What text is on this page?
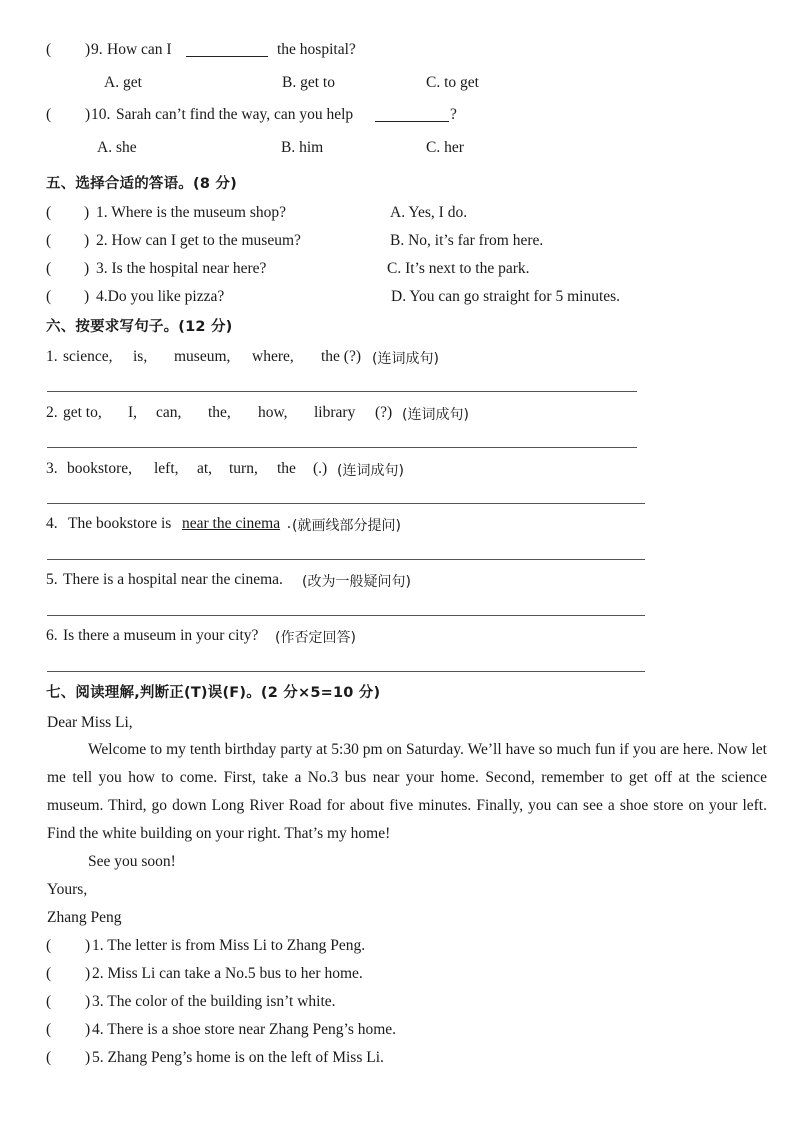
( ) 9. How can I	the hospital?
A. get	B. get to	C. to get
( ) 10. Sarah can’t find the way, can you help	?
A. she	B. him	C. her
五、选择合适的答语。(8 分)
( ) 1. Where is the museum shop?
( ) 2. How can I get to the museum?
( ) 3. Is the hospital near here?
( ) 4.Do you like pizza?
A. Yes, I do.
B. No, it’s far from here.
C. It’s next to the park.
D. You can go straight for 5 minutes.
六、按要求写句子。(12 分)
1. science, is, museum, where, the (?) (连词成句)
2. get to, I, can, the, how, library (?) (连词成句)
3. bookstore, left, at, turn, the (.) (连词成句)
4. The bookstore is near the cinema . (就画线部分提问)
5. There is a hospital near the cinema. (改为一般疑问句)
6. Is there a museum in your city? (作否定回答)
七、阅读理解,判断正(T)误(F)。(2 分×5=10 分)
Dear Miss Li,
Welcome to my tenth birthday party at 5:30 pm on Saturday. We’ll have so much fun if you are here. Now let me tell you how to come. First, take a No.3 bus near your home. Second, remember to get off at the science museum. Third, go down Long River Road for about five minutes. Finally, you can see a shoe store on your left. Find the white building on your right. That’s my home!
See you soon!
Yours,
Zhang Peng
( ) 1. The letter is from Miss Li to Zhang Peng.
( ) 2. Miss Li can take a No.5 bus to her home.
( ) 3. The color of the building isn’t white.
( ) 4. There is a shoe store near Zhang Peng’s home.
( ) 5. Zhang Peng’s home is on the left of Miss Li.
